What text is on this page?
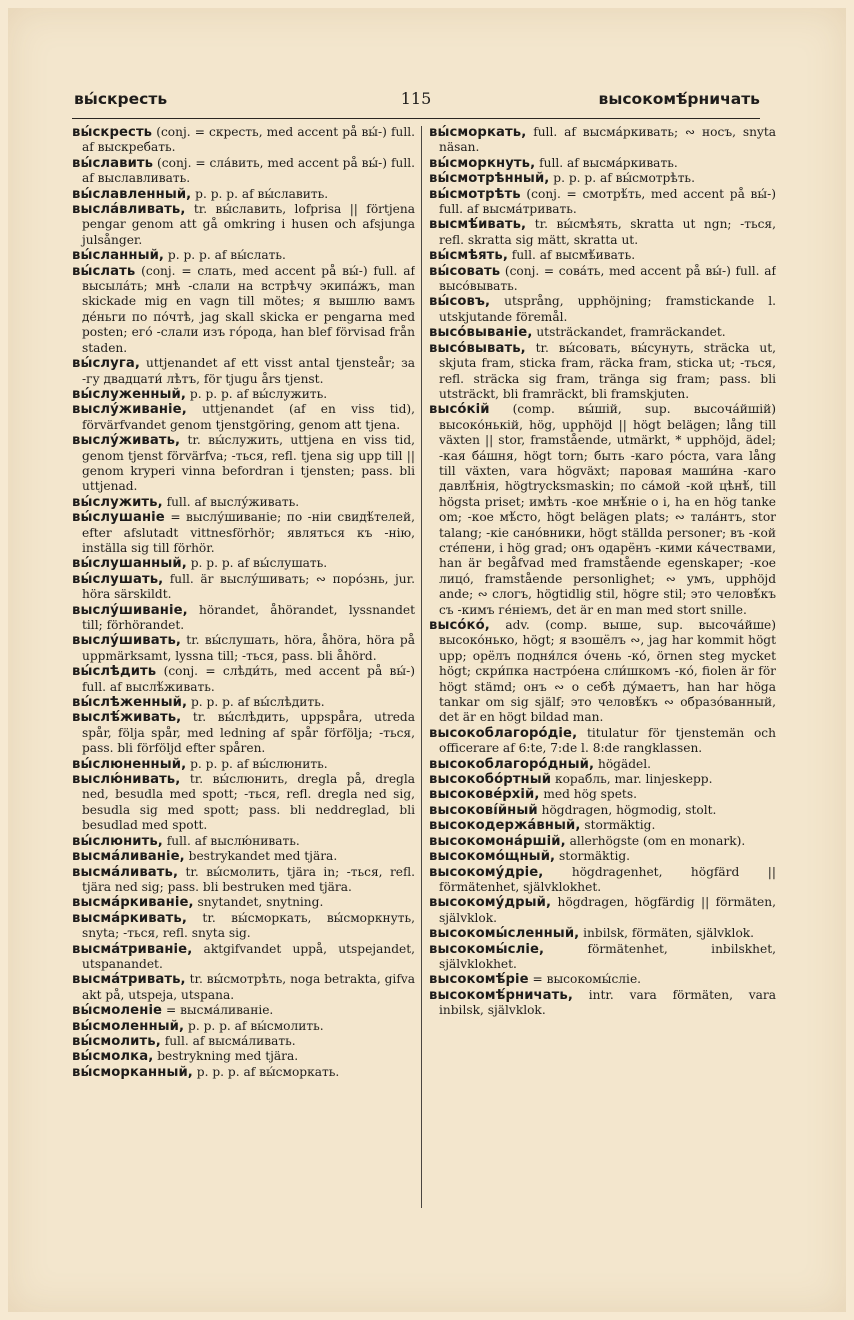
вы́скресть	115	высокомѣ́рничать
вы́скресть (conj. = скресть, med accent på вы́-) full. af выскребать.
вы́славить (conj. = сла́вить, med accent på вы́-) full. af выславливать.
вы́славленный, p. p. p. af вы́славить.
высла́вливать, tr. вы́славить, lofprisa || förtjena pengar genom att gå omkring i husen och afsjunga julsånger.
вы́сланный, p. p. p. af вы́слать.
вы́слать (conj. = слать, med accent på вы́-) full. af высыла́ть; мнѣ -слали на встрѣчу экипа́жъ, man skickade mig en vagn till mötes; я вышлю вамъ де́ньги по по́чтѣ, jag skall skicka er pengarna med posten; его́ -слали изъ го́рода, han blef förvisad från staden.
вы́слуга, uttjenandet af ett visst antal tjenstеår; за -гу двадцати́ лѣтъ, för tjugu års tjenst.
вы́служенный, p. p. p. af вы́служить.
выслу́живаніе, uttjenandet (af en viss tid), förvärfvandet genom tjenstgöring, genom att tjena.
выслу́живать, tr. вы́служить, uttjena en viss tid, genom tjenst förvärfva; -ться, refl. tjena sig upp till || genom kryperi vinna befordran i tjensten; pass. bli uttjenad.
вы́служить, full. af выслу́живать.
вы́слушаніе = выслу́шиваніе; по -ніи свидѣ́телей, efter afslutadt vittnesförhör; являться къ -нію, inställa sig till förhör.
вы́слушанный, p. p. p. af вы́слушать.
вы́слушать, full. är выслу́шивать; ∾ поро́знь, jur. höra särskildt.
выслу́шиваніе, hörandet, åhörandet, lyssnandet till; förhörandet.
выслу́шивать, tr. вы́слушать, höra, åhöra, höra på uppmärksamt, lyssna till; -ться, pass. bli åhörd.
вы́слѣдить (conj. = слѣди́ть, med accent på вы́-) full. af выслѣ́живать.
вы́слѣженный, p. p. p. af вы́слѣдить.
выслѣ́живать, tr. вы́слѣдить, uppspåra, utreda spår, följa spår, med ledning af spår förfölja; -ться, pass. bli förföljd efter spåren.
вы́слюненный, p. p. p. af вы́слюнить.
выслю́нивать, tr. вы́слюнить, dregla på, dregla ned, besudla med spott; -ться, refl. dregla ned sig, besudla sig med spott; pass. bli neddreglad, bli besudlad med spott.
вы́слюнить, full. af выслю́нивать.
высма́ливаніе, bestrykandet med tjära.
высма́ливать, tr. вы́смолить, tjära in; -ться, refl. tjära ned sig; pass. bli bestruken med tjära.
высма́ркиваніе, snytandet, snytning.
высма́ркивать, tr. вы́сморкать, вы́сморкнуть, snyta; -ться, refl. snyta sig.
высма́триваніе, aktgifvandet uppå, utspejandet, utspanandet.
высма́тривать, tr. вы́смотрѣть, noga betrakta, gifva akt på, utspeja, utspana.
вы́смоленіе = высма́ливаніе.
вы́смоленный, p. p. p. af вы́смолить.
вы́смолить, full. af высма́ливать.
вы́смолка, bestrykning med tjära.
вы́сморканный, p. p. p. af вы́сморкать.
вы́сморкать, full. af высма́ркивать; ∾ носъ, snyta näsan.
вы́сморкнуть, full. af высма́ркивать.
вы́смотрѣнный, p. p. p. af вы́смотрѣть.
вы́смотрѣть (conj. = смотрѣ́ть, med accent på вы́-) full. af высма́тривать.
высмѣ́ивать, tr. вы́смѣять, skratta ut ngn; -ться, refl. skratta sig mätt, skratta ut.
вы́смѣять, full. af высмѣ́ивать.
вы́совать (conj. = сова́ть, med accent på вы́-) full. af высо́вывать.
вы́совъ, utsprång, upphöjning; framstickande l. utskjutande föremål.
высо́вываніе, utsträckandet, framräckandet.
высо́вывать, tr. вы́совать, вы́сунуть, sträcka ut, skjuta fram, sticka fram, räcka fram, sticka ut; -ться, refl. sträcka sig fram, tränga sig fram; pass. bli utsträckt, bli framräckt, bli framskjuten.
высо́кій (comp. вы́шій, sup. высоча́йшій) высоко́нькій, hög, upphöjd || högt belägen; lång till växten || stor, framstående, utmärkt, * upphöjd, ädel; -кая ба́шня, högt torn; быть -каго ро́ста, vara lång till växten, vara högväxt; паровая маши́на -каго давлѣ́нія, högtrycksmaskin; по са́мой -кой цѣнѣ́, till högsta priset; имѣть -кое мнѣ́ніе о і, ha en hög tanke om; -кое мѣ́сто, högt belägen plats; ∾ тала́нтъ, stor talang; -кіе сано́вники, högt ställda personer; въ -кой сте́пени, i hög grad; онъ одарёнъ -кими ка́чествами, han är begåfvad med framstående egenskaper; -кое лицо́, framstående personlighet; ∾ умъ, upphöjd ande; ∾ слогъ, högtidlig stil, högre stil; это человѣ́къ съ -кимъ ге́ніемъ, det är en man med stort snille.
высо́ко́, adv. (comp. выше, sup. высоча́йше) высоко́нько, högt; я взошёлъ ∾, jag har kommit högt upp; орёлъ подня́лся о́чень -ко́, örnen steg mycket högt; скри́пка настро́ена сли́шкомъ -ко́, fiolen är för högt stämd; онъ ∾ о себѣ ду́маетъ, han har höga tankar om sig själf; это человѣ́къ ∾ образо́ванный, det är en högt bildad man.
высокоблагоро́діе, titulatur för tjenstemän och officerare af 6:te, 7:de l. 8:de rangklassen.
высокоблагоро́дный, högädel.
высокобо́ртный корабль, mar. linjeskepp.
высокове́рхій, med hög spets.
высокові́йный högdragen, högmodig, stolt.
высокодержа́вный, stormäktig.
высокомона́ршій, allerhögste (om en monark).
высокомо́щный, stormäktig.
высокому́дріе, högdragenhet, högfärd || förmätenhet, självklokhet.
высокому́дрый, högdragen, högfärdig || förmäten, självklok.
высокомы́сленный, inbilsk, förmäten, självklok.
высокомы́сліе, förmätenhet, inbilskhet, självklokhet.
высокомѣ́ріе = высокомы́сліе.
высокомѣ́рничать, intr. vara förmäten, vara inbilsk, självklok.
